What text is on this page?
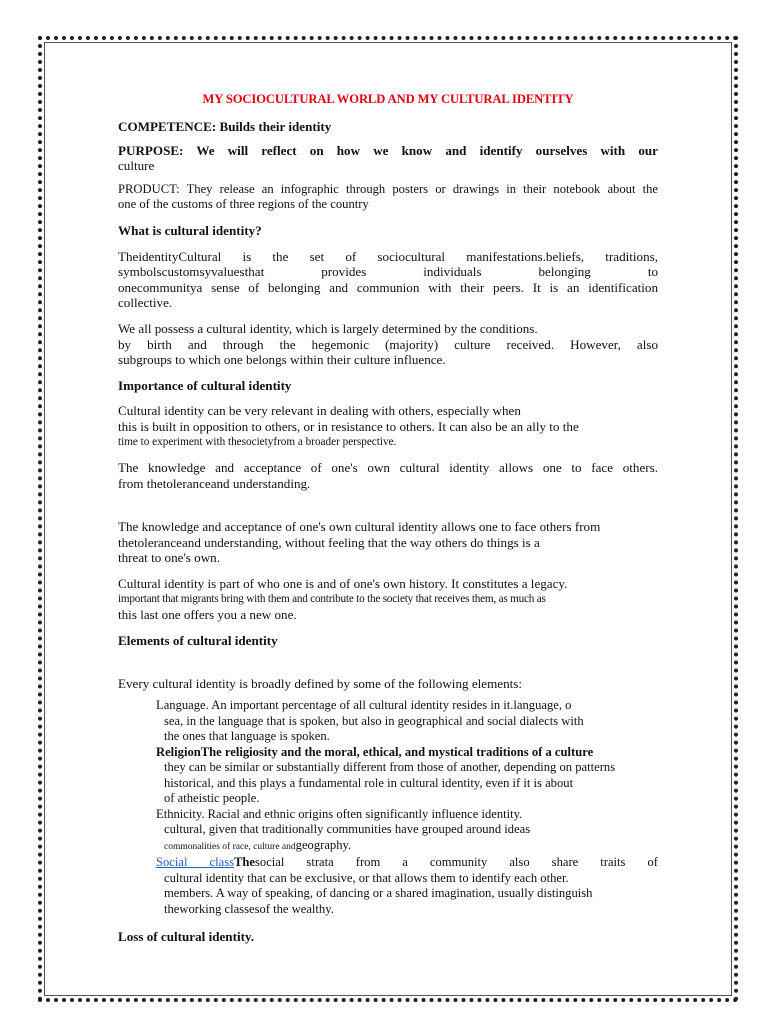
MY SOCIOCULTURAL WORLD AND MY CULTURAL IDENTITY

COMPETENCE: Builds their identity

PURPOSE: We will reflect on how we know and identify ourselves with our

culture

PRODUCT: They release an infographic through posters or drawings in their notebook about the

one of the customs of three regions of the country

What is cultural identity?

TheidentityCultural is the set of sociocultural manifestations.beliefs, traditions,

symbolscustomsyvaluesthat provides individuals belonging to

onecommunitya sense of belonging and communion with their peers. It is an identification

collective.

We all possess a cultural identity, which is largely determined by the conditions.

by birth and through the hegemonic (majority) culture received. However, also

subgroups to which one belongs within their culture influence.

Importance of cultural identity

Cultural identity can be very relevant in dealing with others, especially when

this is built in opposition to others, or in resistance to others. It can also be an ally to the

time to experiment with thesocietyfrom a broader perspective.

The knowledge and acceptance of one's own cultural identity allows one to face others.

from thetoleranceand understanding.

The knowledge and acceptance of one's own cultural identity allows one to face others from

thetoleranceand understanding, without feeling that the way others do things is a

threat to one's own.

Cultural identity is part of who one is and of one's own history. It constitutes a legacy.

important that migrants bring with them and contribute to the society that receives them, as much as

this last one offers you a new one.

Elements of cultural identity

Every cultural identity is broadly defined by some of the following elements:

Language. An important percentage of all cultural identity resides in it.language, o
sea, in the language that is spoken, but also in geographical and social dialects with
the ones that language is spoken.
ReligionThe religiosity and the moral, ethical, and mystical traditions of a culture
they can be similar or substantially different from those of another, depending on patterns
historical, and this plays a fundamental role in cultural identity, even if it is about
of atheistic people.
Ethnicity. Racial and ethnic origins often significantly influence identity.
cultural, given that traditionally communities have grouped around ideas
commonalities of race, culture andgeography.
Social classThesocial strata from a community also share traits of
cultural identity that can be exclusive, or that allows them to identify each other.
members. A way of speaking, of dancing or a shared imagination, usually distinguish
theworking classesof the wealthy.

Loss of cultural identity.
